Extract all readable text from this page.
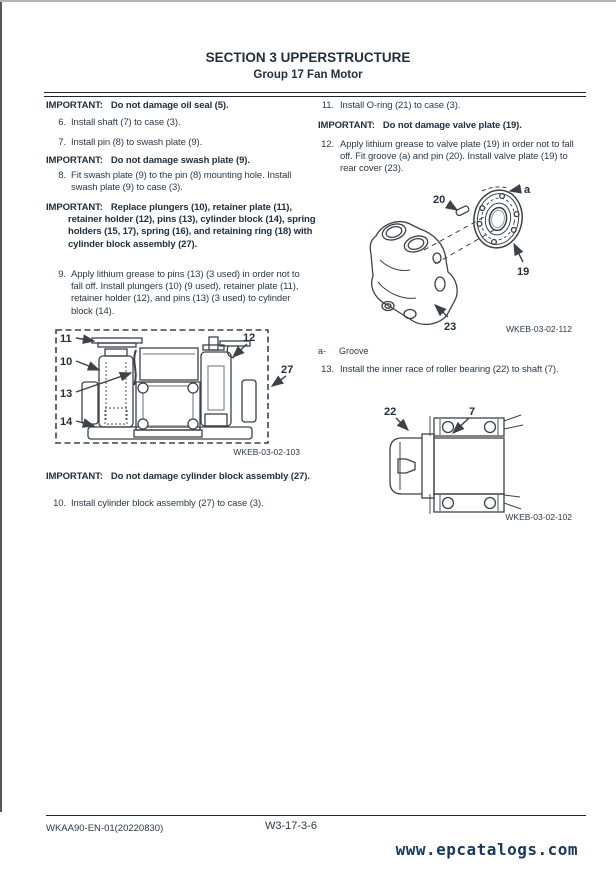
SECTION 3 UPPERSTRUCTURE
Group 17 Fan Motor
IMPORTANT: Do not damage oil seal (5).
6. Install shaft (7) to case (3).
7. Install pin (8) to swash plate (9).
IMPORTANT: Do not damage swash plate (9).
8. Fit swash plate (9) to the pin (8) mounting hole. Install swash plate (9) to case (3).
IMPORTANT: Replace plungers (10), retainer plate (11), retainer holder (12), pins (13), cylinder block (14), spring holders (15, 17), spring (16), and retaining ring (18) with cylinder block assembly (27).
9. Apply lithium grease to pins (13) (3 used) in order not to fall off. Install plungers (10) (9 used), retainer plate (11), retainer holder (12), and pins (13) (3 used) to cylinder block (14).
11
10
13
14
12
27
WKEB-03-02-103
IMPORTANT: Do not damage cylinder block assembly (27).
10. Install cylinder block assembly (27) to case (3).
11. Install O-ring (21) to case (3).
IMPORTANT: Do not damage valve plate (19).
12. Apply lithium grease to valve plate (19) in order not to fall off. Fit groove (a) and pin (20). Install valve plate (19) to rear cover (23).
20
a
19
23	WKEB-03-02-112
a- Groove
13. Install the inner race of roller bearing (22) to shaft (7).
22	7
WKEB-03-02-102
WKAA90-EN-01(20220830)	W3-17-3-6
www.epcatalogs.com
